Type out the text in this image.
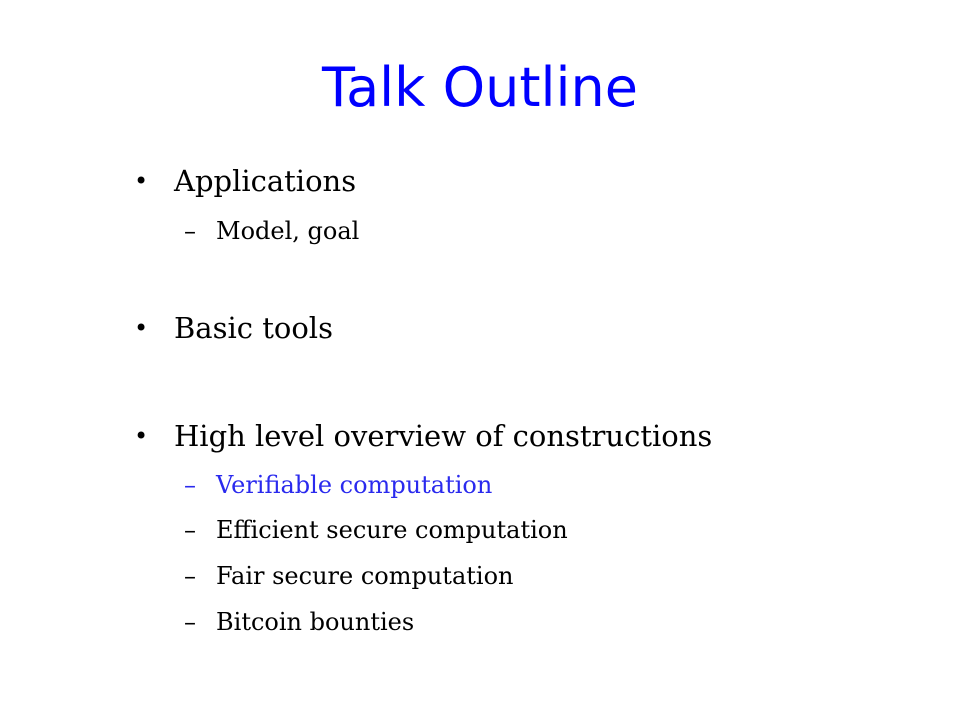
Talk Outline
• Applications
– Model, goal
• Basic tools
• High level overview of constructions
– Verifiable computation
– Efficient secure computation
– Fair secure computation
– Bitcoin bounties
